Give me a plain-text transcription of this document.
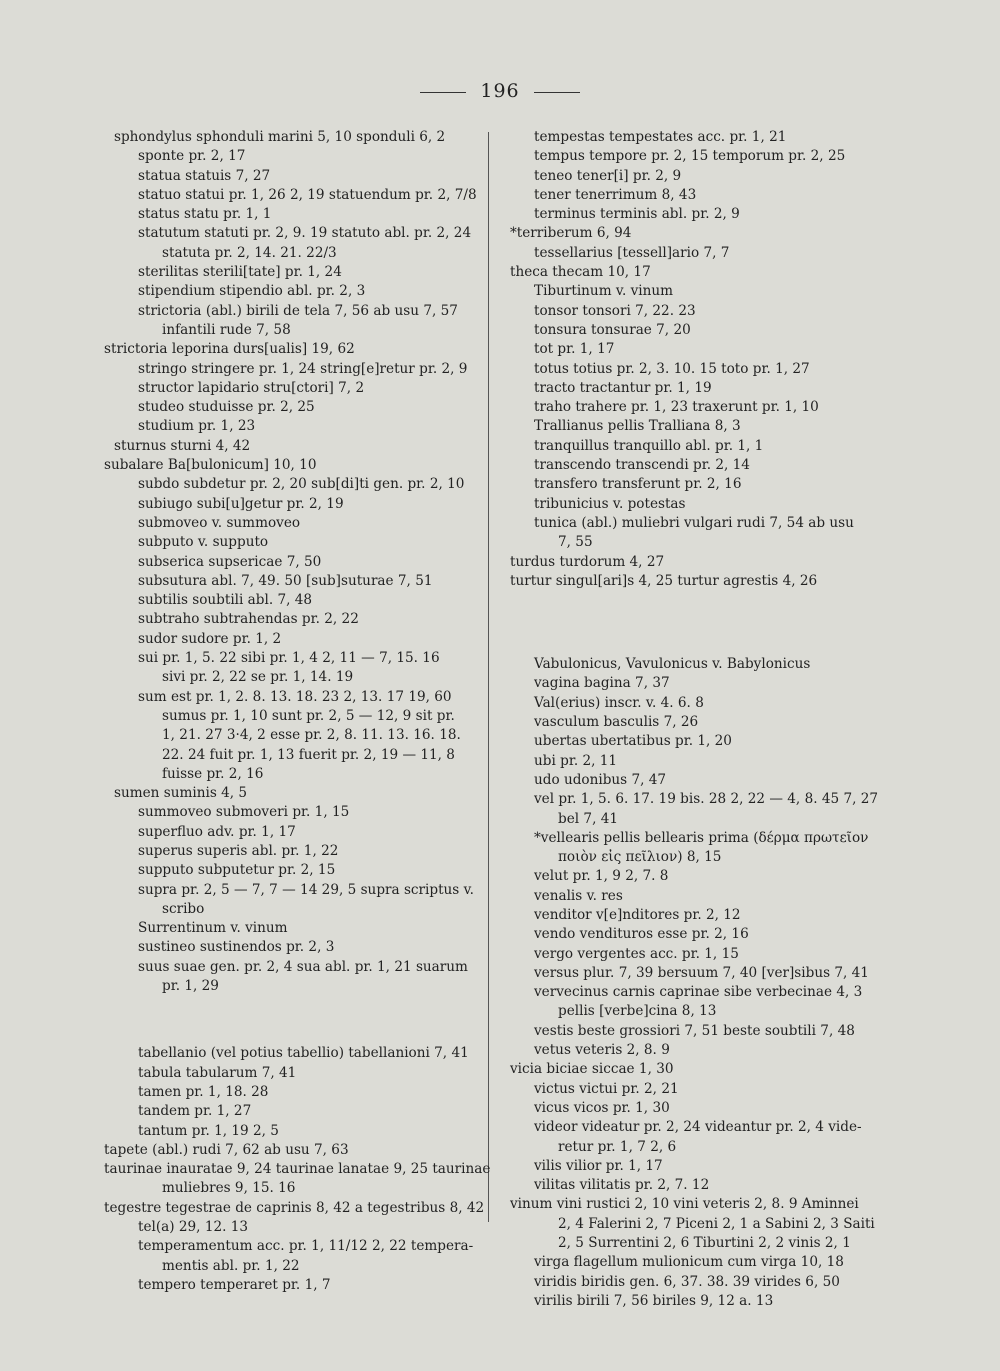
196
sphondylus sphonduli marini 5, 10 sponduli 6, 2
sponte pr. 2, 17
statua statuis 7, 27
statuo statui pr. 1, 26 2, 19 statuendum pr. 2, 7/8
status statu pr. 1, 1
statutum statuti pr. 2, 9. 19 statuto abl. pr. 2, 24
statuta pr. 2, 14. 21. 22/3
sterilitas sterili[tate] pr. 1, 24
stipendium stipendio abl. pr. 2, 3
strictoria (abl.) birili de tela 7, 56 ab usu 7, 57
infantili rude 7, 58
strictoria leporina durs[ualis] 19, 62
stringo stringere pr. 1, 24 string[e]retur pr. 2, 9
structor lapidario stru[ctori] 7, 2
studeo studuisse pr. 2, 25
studium pr. 1, 23
sturnus sturni 4, 42
subalare Ba[bulonicum] 10, 10
subdo subdetur pr. 2, 20 sub[di]ti gen. pr. 2, 10
subiugo subi[u]getur pr. 2, 19
submoveo v. summoveo
subputo v. supputo
subserica supsericae 7, 50
subsutura abl. 7, 49. 50 [sub]suturae 7, 51
subtilis soubtili abl. 7, 48
subtraho subtrahendas pr. 2, 22
sudor sudore pr. 1, 2
sui pr. 1, 5. 22 sibi pr. 1, 4 2, 11 — 7, 15. 16
sivi pr. 2, 22 se pr. 1, 14. 19
sum est pr. 1, 2. 8. 13. 18. 23 2, 13. 17 19, 60
sumus pr. 1, 10 sunt pr. 2, 5 — 12, 9 sit pr.
1, 21. 27 3·4, 2 esse pr. 2, 8. 11. 13. 16. 18.
22. 24 fuit pr. 1, 13 fuerit pr. 2, 19 — 11, 8
fuisse pr. 2, 16
sumen suminis 4, 5
summoveo submoveri pr. 1, 15
superfluo adv. pr. 1, 17
superus superis abl. pr. 1, 22
supputo subputetur pr. 2, 15
supra pr. 2, 5 — 7, 7 — 14 29, 5 supra scriptus v.
scribo
Surrentinum v. vinum
sustineo sustinendos pr. 2, 3
suus suae gen. pr. 2, 4 sua abl. pr. 1, 21 suarum
pr. 1, 29
tabellanio (vel potius tabellio) tabellanioni 7, 41
tabula tabularum 7, 41
tamen pr. 1, 18. 28
tandem pr. 1, 27
tantum pr. 1, 19 2, 5
tapete (abl.) rudi 7, 62 ab usu 7, 63
taurinae inauratae 9, 24 taurinae lanatae 9, 25 taurinae
muliebres 9, 15. 16
tegestre tegestrae de caprinis 8, 42 a tegestribus 8, 42
tel(a) 29, 12. 13
temperamentum acc. pr. 1, 11/12 2, 22 tempera-
mentis abl. pr. 1, 22
tempero temperaret pr. 1, 7
tempestas tempestates acc. pr. 1, 21
tempus tempore pr. 2, 15 temporum pr. 2, 25
teneo tener[i] pr. 2, 9
tener tenerrimum 8, 43
terminus terminis abl. pr. 2, 9
*terriberum 6, 94
tessellarius [tessell]ario 7, 7
theca thecam 10, 17
Tiburtinum v. vinum
tonsor tonsori 7, 22. 23
tonsura tonsurae 7, 20
tot pr. 1, 17
totus totius pr. 2, 3. 10. 15 toto pr. 1, 27
tracto tractantur pr. 1, 19
traho trahere pr. 1, 23 traxerunt pr. 1, 10
Trallianus pellis Tralliana 8, 3
tranquillus tranquillo abl. pr. 1, 1
transcendo transcendi pr. 2, 14
transfero transferunt pr. 2, 16
tribunicius v. potestas
tunica (abl.) muliebri vulgari rudi 7, 54 ab usu
7, 55
turdus turdorum 4, 27
turtur singul[ari]s 4, 25 turtur agrestis 4, 26
Vabulonicus, Vavulonicus v. Babylonicus
vagina bagina 7, 37
Val(erius) inscr. v. 4. 6. 8
vasculum basculis 7, 26
ubertas ubertatibus pr. 1, 20
ubi pr. 2, 11
udo udonibus 7, 47
vel pr. 1, 5. 6. 17. 19 bis. 28 2, 22 — 4, 8. 45 7, 27
bel 7, 41
*vellearis pellis bellearis prima (δέρμα πρωτεῖον
ποιὸν εἰς πεῖλιον) 8, 15
velut pr. 1, 9 2, 7. 8
venalis v. res
venditor v[e]nditores pr. 2, 12
vendo vendituros esse pr. 2, 16
vergo vergentes acc. pr. 1, 15
versus plur. 7, 39 bersuum 7, 40 [ver]sibus 7, 41
vervecinus carnis caprinae sibe verbecinae 4, 3
pellis [verbe]cina 8, 13
vestis beste grossiori 7, 51 beste soubtili 7, 48
vetus veteris 2, 8. 9
vicia biciae siccae 1, 30
victus victui pr. 2, 21
vicus vicos pr. 1, 30
videor videatur pr. 2, 24 videantur pr. 2, 4 vide-
retur pr. 1, 7 2, 6
vilis vilior pr. 1, 17
vilitas vilitatis pr. 2, 7. 12
vinum vini rustici 2, 10 vini veteris 2, 8. 9 Aminnei
2, 4 Falerini 2, 7 Piceni 2, 1 a Sabini 2, 3 Saiti
2, 5 Surrentini 2, 6 Tiburtini 2, 2 vinis 2, 1
virga flagellum mulionicum cum virga 10, 18
viridis biridis gen. 6, 37. 38. 39 virides 6, 50
virilis birili 7, 56 biriles 9, 12 a. 13
